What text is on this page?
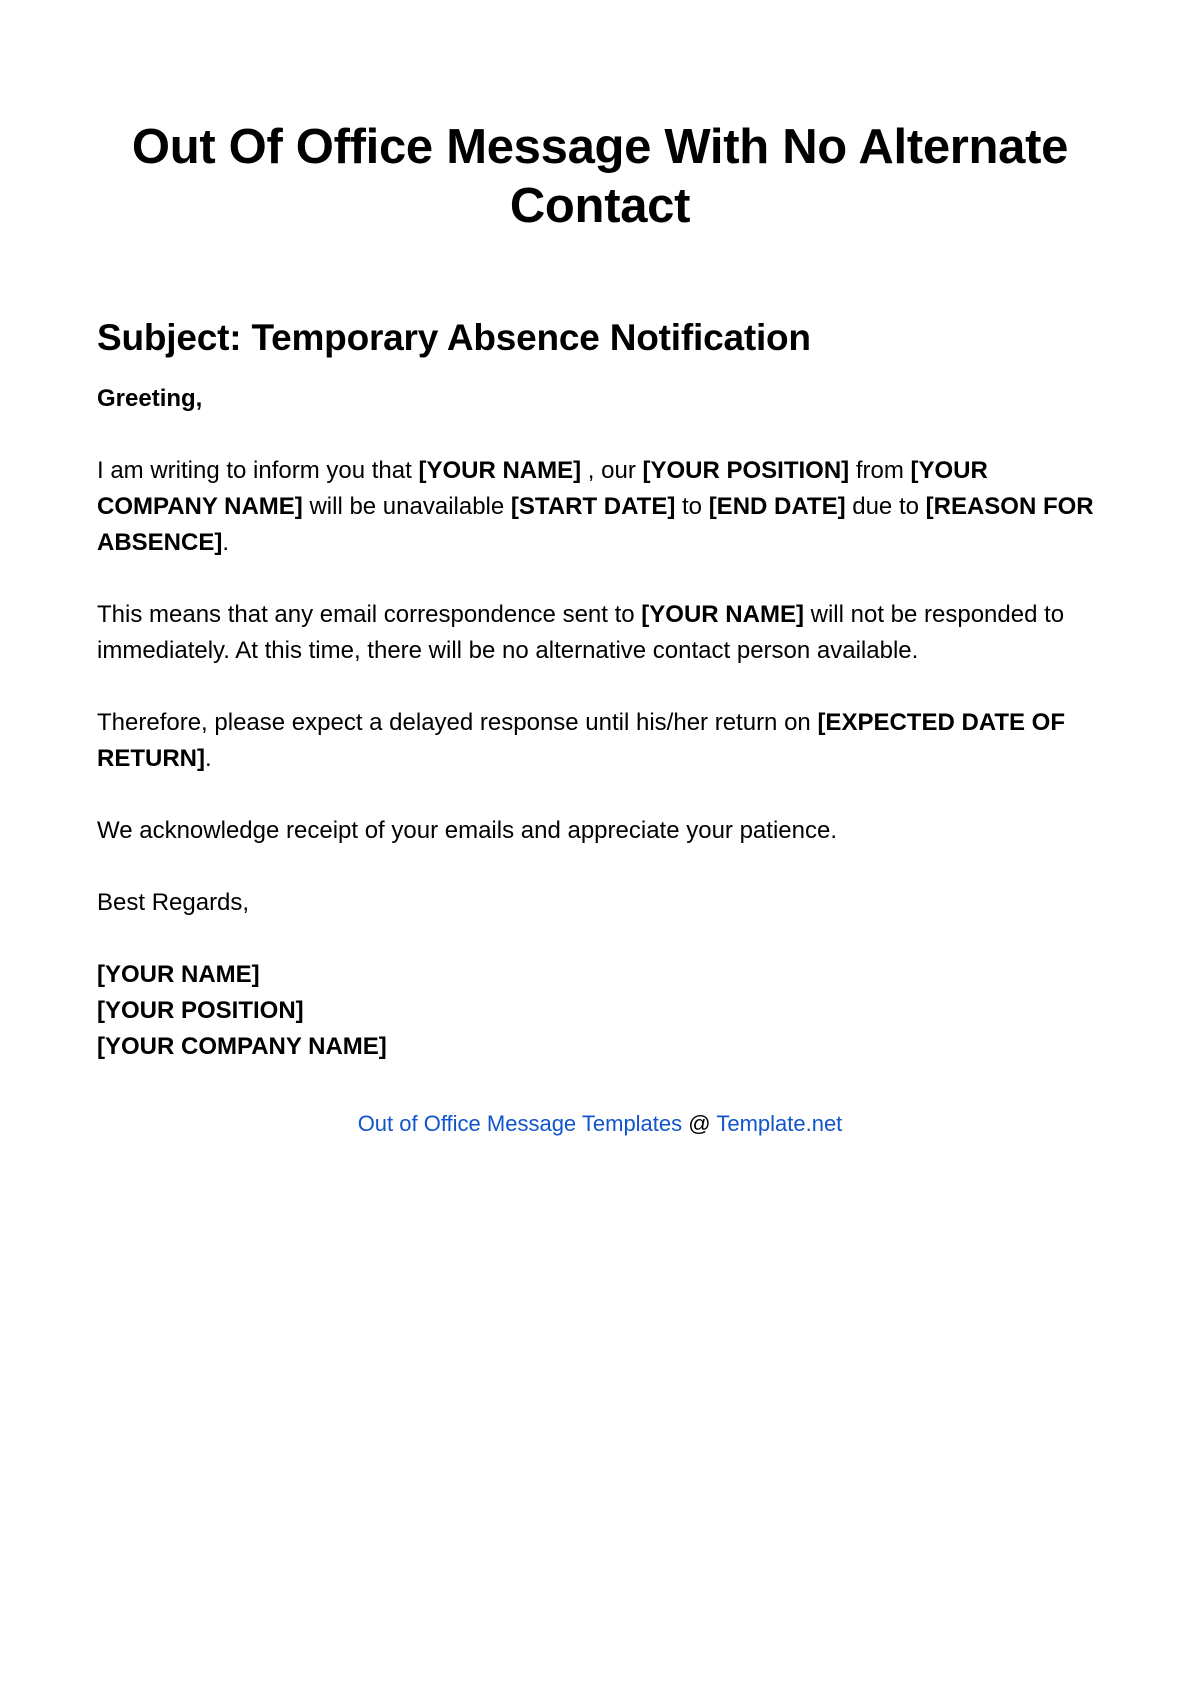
Out Of Office Message With No Alternate Contact
Subject: Temporary Absence Notification

Greeting,

I am writing to inform you that [YOUR NAME] , our [YOUR POSITION] from [YOUR COMPANY NAME] will be unavailable [START DATE] to [END DATE] due to [REASON FOR ABSENCE].

This means that any email correspondence sent to [YOUR NAME] will not be responded to immediately. At this time, there will be no alternative contact person available.

Therefore, please expect a delayed response until his/her return on [EXPECTED DATE OF RETURN].

We acknowledge receipt of your emails and appreciate your patience.

Best Regards,

[YOUR NAME]
[YOUR POSITION]
[YOUR COMPANY NAME]
Out of Office Message Templates @ Template.net
